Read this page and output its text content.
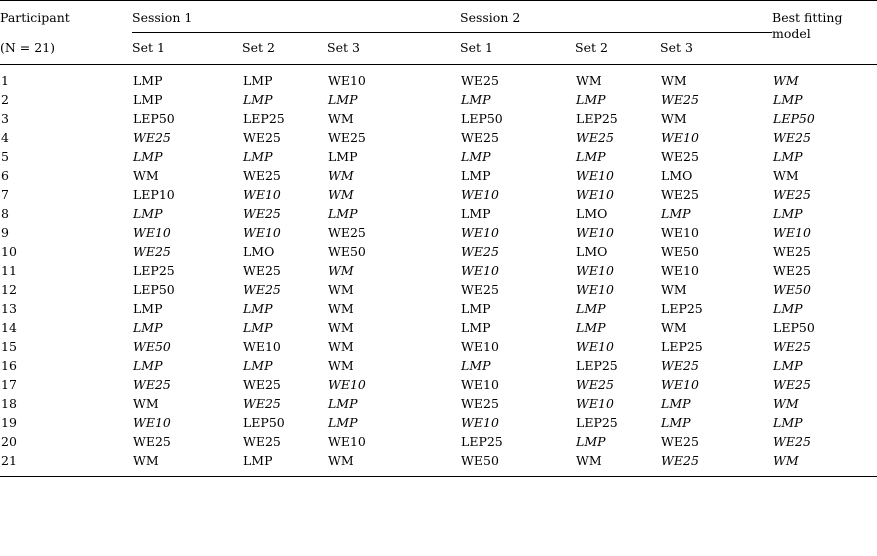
Participant	Session 1			Session 2			Best fitting
model
(N = 21)	Set 1	Set 2	Set 3	Set 1	Set 2	Set 3	
1	LMP	LMP	WE10	WE25	WM	WM	WM
2	LMP	LMP	LMP	LMP	LMP	WE25	LMP
3	LEP50	LEP25	WM	LEP50	LEP25	WM	LEP50
4	WE25	WE25	WE25	WE25	WE25	WE10	WE25
5	LMP	LMP	LMP	LMP	LMP	WE25	LMP
6	WM	WE25	WM	LMP	WE10	LMO	WM
7	LEP10	WE10	WM	WE10	WE10	WE25	WE25
8	LMP	WE25	LMP	LMP	LMO	LMP	LMP
9	WE10	WE10	WE25	WE10	WE10	WE10	WE10
10	WE25	LMO	WE50	WE25	LMO	WE50	WE25
11	LEP25	WE25	WM	WE10	WE10	WE10	WE25
12	LEP50	WE25	WM	WE25	WE10	WM	WE50
13	LMP	LMP	WM	LMP	LMP	LEP25	LMP
14	LMP	LMP	WM	LMP	LMP	WM	LEP50
15	WE50	WE10	WM	WE10	WE10	LEP25	WE25
16	LMP	LMP	WM	LMP	LEP25	WE25	LMP
17	WE25	WE25	WE10	WE10	WE25	WE10	WE25
18	WM	WE25	LMP	WE25	WE10	LMP	WM
19	WE10	LEP50	LMP	WE10	LEP25	LMP	LMP
20	WE25	WE25	WE10	LEP25	LMP	WE25	WE25
21	WM	LMP	WM	WE50	WM	WE25	WM
